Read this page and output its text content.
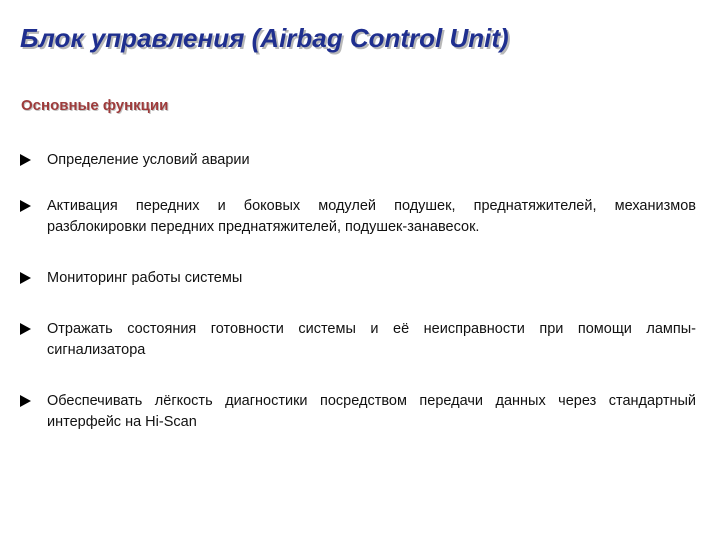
Блок управления (Airbag Control Unit)
Основные функции
Определение условий аварии
Активация передних и боковых модулей подушек, преднатяжителей, механизмов разблокировки передних преднатяжителей, подушек-занавесок.
Мониторинг работы системы
Отражать состояния готовности системы и её неисправности при помощи лампы-сигнализатора
Обеспечивать лёгкость диагностики посредством передачи данных через стандартный интерфейс на Hi-Scan
